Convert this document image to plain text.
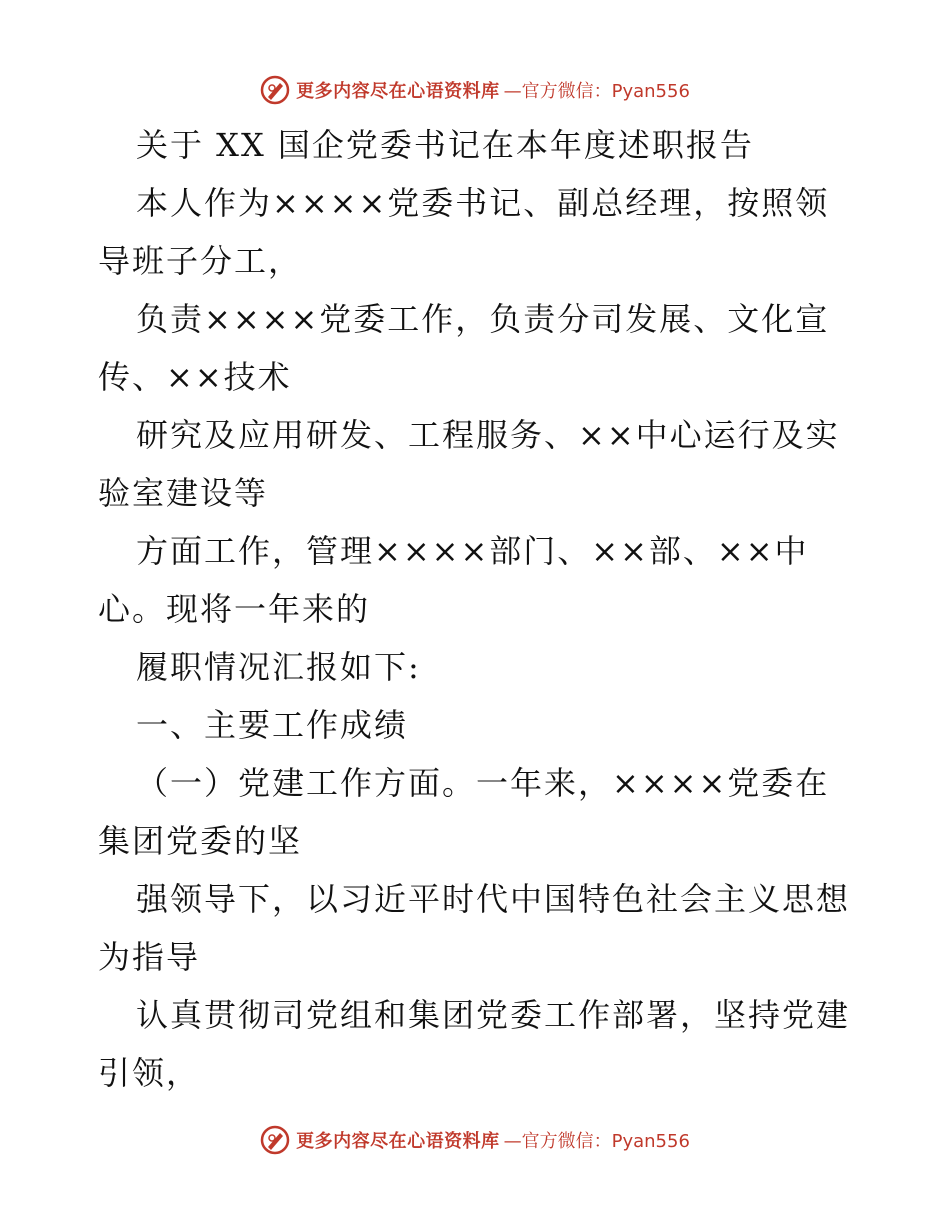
更多内容尽在心语资料库 —官方微信：Pyan556

关于 XX 国企党委书记在本年度述职报告

本人作为××××党委书记、副总经理，按照领导班子分工，

负责××××党委工作，负责分司发展、文化宣传、××技术

研究及应用研发、工程服务、××中心运行及实验室建设等

方面工作，管理××××部门、××部、××中心。现将一年来的

履职情况汇报如下:

一、主要工作成绩

（一）党建工作方面。一年来，××××党委在集团党委的坚

强领导下，以习近平时代中国特色社会主义思想为指导

认真贯彻司党组和集团党委工作部署，坚持党建引领，

更多内容尽在心语资料库 —官方微信：Pyan556
